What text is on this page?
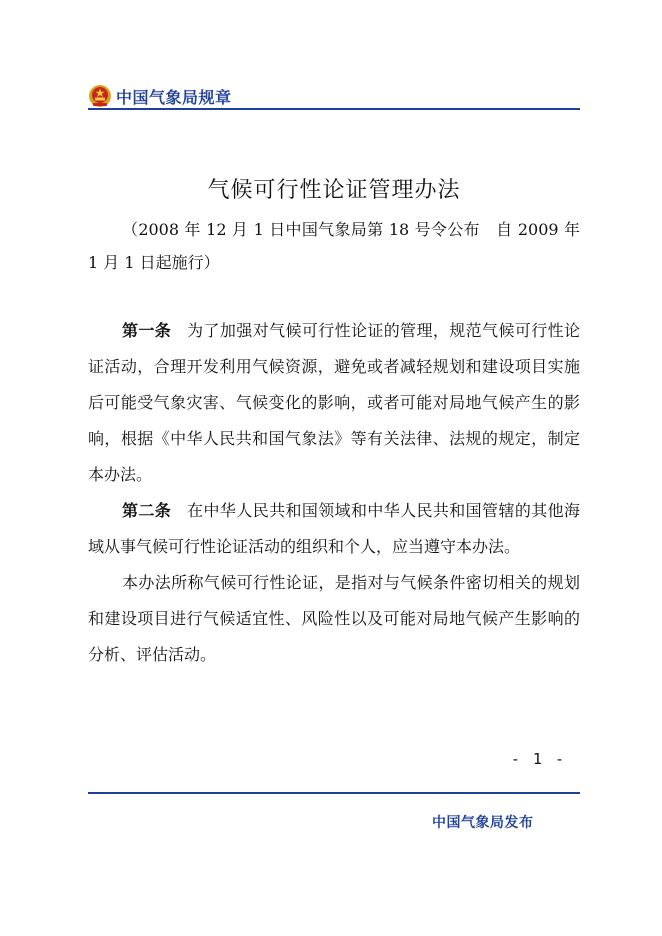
中国气象局规章
气候可行性论证管理办法
（2008 年 12 月 1 日中国气象局第 18 号令公布　自 2009 年 1 月 1 日起施行）

第一条 为了加强对气候可行性论证的管理，规范气候可行性论证活动，合理开发利用气候资源，避免或者减轻规划和建设项目实施后可能受气象灾害、气候变化的影响，或者可能对局地气候产生的影响，根据《中华人民共和国气象法》等有关法律、法规的规定，制定本办法。

第二条 在中华人民共和国领域和中华人民共和国管辖的其他海域从事气候可行性论证活动的组织和个人，应当遵守本办法。

本办法所称气候可行性论证，是指对与气候条件密切相关的规划和建设项目进行气候适宜性、风险性以及可能对局地气候产生影响的分析、评估活动。

- 1 -
中国气象局发布
